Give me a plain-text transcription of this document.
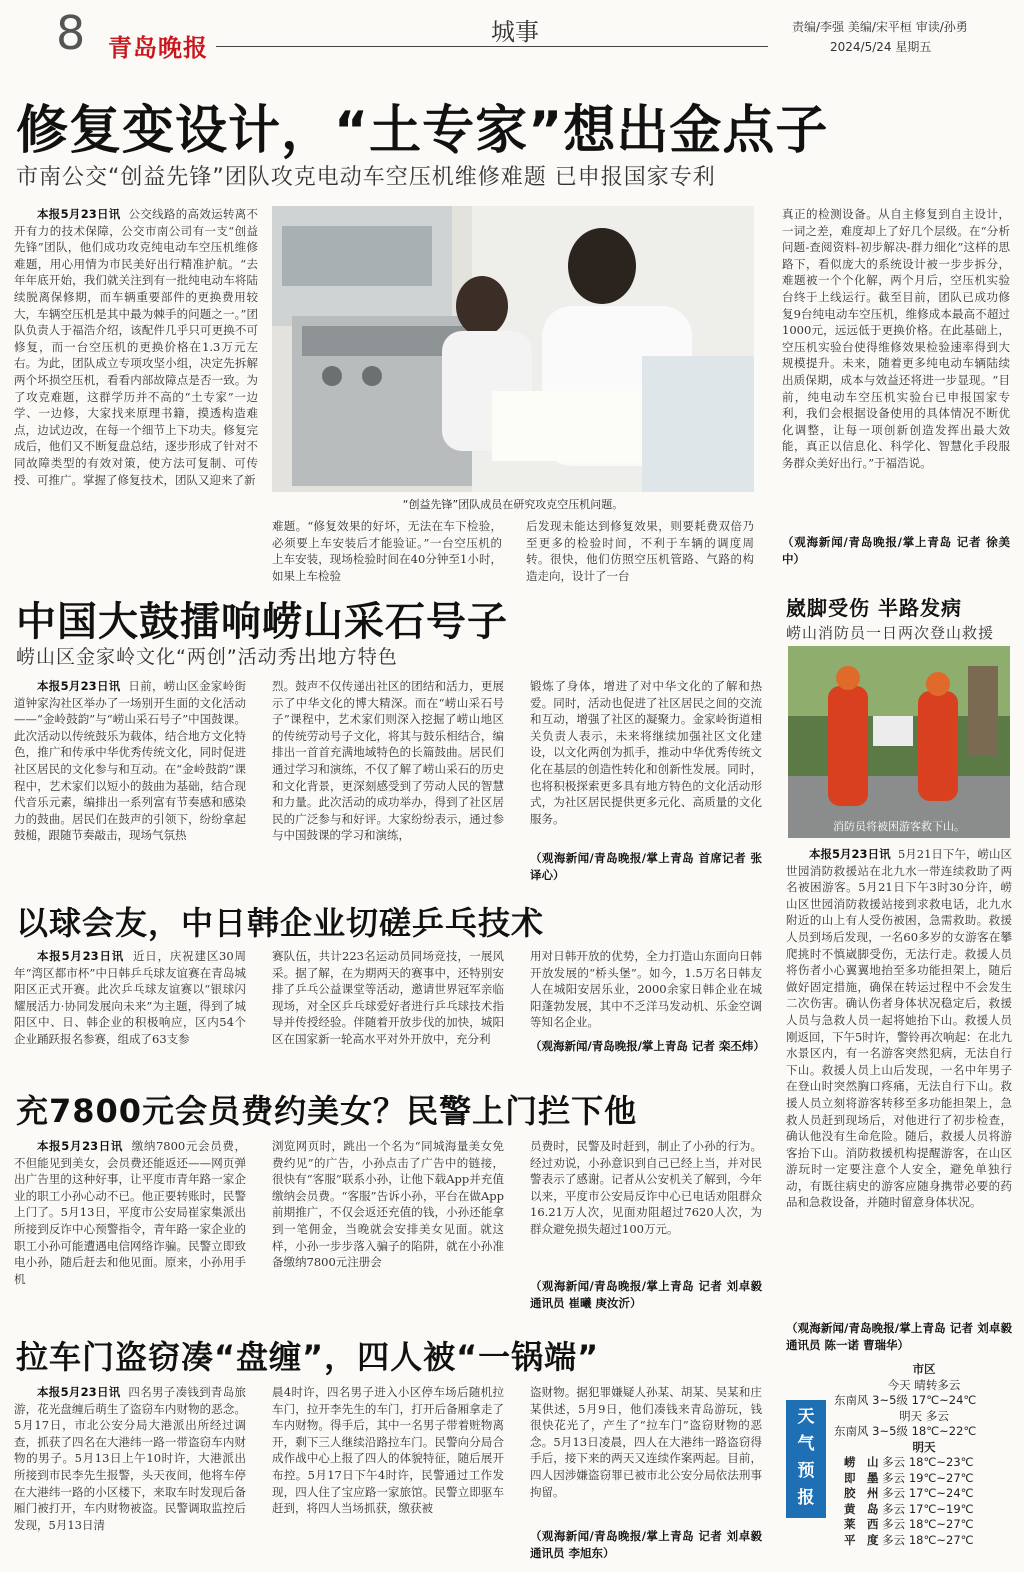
8 青岛晚报
城事	责编/李强 美编/宋平桓 审读/孙勇
2024/5/24 星期五
修复变设计，“土专家”想出金点子
市南公交“创益先锋”团队攻克电动车空压机维修难题 已申报国家专利

本报5月23日讯 公交线路的高效运转离不开有力的技术保障，公交市南公司有一支“创益先锋”团队，他们成功攻克纯电动车空压机维修难题，用心用情为市民美好出行精准护航。“去年年底开始，我们就关注到有一批纯电动车将陆续脱离保修期，而车辆重要部件的更换费用较大，车辆空压机是其中最为棘手的问题之一。”团队负责人于福浩介绍，该配件几乎只可更换不可修复，而一台空压机的更换价格在1.3万元左右。为此，团队成立专项攻坚小组，决定先拆解两个坏损空压机，看看内部故障点是否一致。为了攻克难题，这群学历并不高的“土专家”一边学、一边修，大家找来原理书籍，摸透构造难点，边试边改，在每一个细节上下功夫。修复完成后，他们又不断复盘总结，逐步形成了针对不同故障类型的有效对策，使方法可复制、可传授、可推广。掌握了修复技术，团队又迎来了新

“创益先锋”团队成员在研究攻克空压机问题。

难题。“修复效果的好坏，无法在车下检验，必须要上车安装后才能验证。”一台空压机的上车安装，现场检验时间在40分钟至1小时，如果上车检验

后发现未能达到修复效果，则要耗费双倍乃至更多的检验时间，不利于车辆的调度周转。很快，他们仿照空压机管路、气路的构造走向，设计了一台

真正的检测设备。从自主修复到自主设计，一词之差，难度却上了好几个层级。在“分析问题-查阅资料-初步解决-群力细化”这样的思路下，看似庞大的系统设计被一步步拆分，难题被一个个化解，两个月后，空压机实验台终于上线运行。截至目前，团队已成功修复9台纯电动车空压机，维修成本最高不超过1000元，远远低于更换价格。在此基础上，空压机实验台使得维修效果检验速率得到大规模提升。未来，随着更多纯电动车辆陆续出质保期，成本与效益还将进一步显现。“目前，纯电动车空压机实验台已申报国家专利，我们会根据设备使用的具体情况不断优化调整，让每一项创新创造发挥出最大效能，真正以信息化、科学化、智慧化手段服务群众美好出行。”于福浩说。

（观海新闻/青岛晚报/掌上青岛 记者 徐美中）
中国大鼓擂响崂山采石号子
崂山区金家岭文化“两创”活动秀出地方特色

本报5月23日讯 日前，崂山区金家岭街道钟家沟社区举办了一场别开生面的文化活动——“金岭鼓韵”与“崂山采石号子”中国鼓课。此次活动以传统鼓乐为载体，结合地方文化特色，推广和传承中华优秀传统文化，同时促进社区居民的文化参与和互动。在“金岭鼓韵”课程中，艺术家们以短小的鼓曲为基础，结合现代音乐元素，编排出一系列富有节奏感和感染力的鼓曲。居民们在鼓声的引领下，纷纷拿起鼓槌，跟随节奏敲击，现场气氛热

烈。鼓声不仅传递出社区的团结和活力，更展示了中华文化的博大精深。而在“崂山采石号子”课程中，艺术家们则深入挖掘了崂山地区的传统劳动号子文化，将其与鼓乐相结合，编排出一首首充满地域特色的长篇鼓曲。居民们通过学习和演练，不仅了解了崂山采石的历史和文化背景，更深刻感受到了劳动人民的智慧和力量。此次活动的成功举办，得到了社区居民的广泛参与和好评。大家纷纷表示，通过参与中国鼓课的学习和演练，

锻炼了身体，增进了对中华文化的了解和热爱。同时，活动也促进了社区居民之间的交流和互动，增强了社区的凝聚力。金家岭街道相关负责人表示，未来将继续加强社区文化建设，以文化两创为抓手，推动中华优秀传统文化在基层的创造性转化和创新性发展。同时，也将积极探索更多具有地方特色的文化活动形式，为社区居民提供更多元化、高质量的文化服务。

（观海新闻/青岛晚报/掌上青岛 首席记者 张译心）
崴脚受伤 半路发病
崂山消防员一日两次登山救援
消防员将被困游客救下山。

本报5月23日讯 5月21日下午，崂山区世园消防救援站在北九水一带连续救助了两名被困游客。5月21日下午3时30分许，崂山区世园消防救援站接到求救电话，北九水附近的山上有人受伤被困，急需救助。救援人员到场后发现，一名60多岁的女游客在攀爬挑时不慎崴脚受伤，无法行走。救援人员将伤者小心翼翼地抬至多功能担架上，随后做好固定措施，确保在转运过程中不会发生二次伤害。确认伤者身体状况稳定后，救援人员与急救人员一起将她抬下山。救援人员刚返回，下午5时许，警铃再次响起：在北九水景区内，有一名游客突然犯病，无法自行下山。救援人员上山后发现，一名中年男子在登山时突然胸口疼痛，无法自行下山。救援人员立刻将游客转移至多功能担架上，急救人员赶到现场后，对他进行了初步检查，确认他没有生命危险。随后，救援人员将游客抬下山。消防救援机构提醒游客，在山区游玩时一定要注意个人安全，避免单独行动，有既往病史的游客应随身携带必要的药品和急救设备，并随时留意身体状况。

（观海新闻/青岛晚报/掌上青岛 记者 刘卓毅 通讯员 陈一诺 曹瑞华）
以球会友，中日韩企业切磋乒乓技术

本报5月23日讯 近日，庆祝建区30周年“湾区都市杯”中日韩乒乓球友谊赛在青岛城阳区正式开赛。此次乒乓球友谊赛以“银球闪耀展活力·协同发展向未来”为主题，得到了城阳区中、日、韩企业的积极响应，区内54个企业踊跃报名参赛，组成了63支参

赛队伍，共计223名运动员同场竞技，一展风采。据了解，在为期两天的赛事中，还特别安排了乒乓公益课堂等活动，邀请世界冠军亲临现场，对全区乒乓球爱好者进行乒乓球技术指导并传授经验。伴随着开放步伐的加快，城阳区在国家新一轮高水平对外开放中，充分利

用对日韩开放的优势，全力打造山东面向日韩开放发展的“桥头堡”。如今，1.5万名日韩友人在城阳安居乐业，2000余家日韩企业在城阳蓬勃发展，其中不乏洋马发动机、乐金空调等知名企业。

（观海新闻/青岛晚报/掌上青岛 记者 栾丕炜）
充7800元会员费约美女？民警上门拦下他

本报5月23日讯 缴纳7800元会员费，不但能见到美女，会员费还能返还——网页弹出广告里的这种好事，让平度市青年路一家企业的职工小孙心动不已。他正要转账时，民警上门了。5月13日，平度市公安局崔家集派出所接到反诈中心预警指令，青年路一家企业的职工小孙可能遭遇电信网络诈骗。民警立即致电小孙，随后赶去和他见面。原来，小孙用手机

浏览网页时，跳出一个名为“同城海量美女免费约见”的广告，小孙点击了广告中的链接，很快有“客服”联系小孙，让他下载App并充值缴纳会员费。“客服”告诉小孙，平台在做App前期推广，不仅会返还充值的钱，小孙还能拿到一笔佣金，当晚就会安排美女见面。就这样，小孙一步步落入骗子的陷阱，就在小孙准备缴纳7800元注册会

员费时，民警及时赶到，制止了小孙的行为。经过劝说，小孙意识到自己已经上当，并对民警表示了感谢。记者从公安机关了解到，今年以来，平度市公安局反诈中心已电话劝阻群众16.21万人次，见面劝阻超过7620人次，为群众避免损失超过100万元。

（观海新闻/青岛晚报/掌上青岛 记者 刘卓毅 通讯员 崔曦 庚汝沂）
拉车门盗窃凑“盘缠”，四人被“一锅端”

本报5月23日讯 四名男子凑钱到青岛旅游，花光盘缠后萌生了盗窃车内财物的恶念。5月17日，市北公安分局大港派出所经过调查，抓获了四名在大港纬一路一带盗窃车内财物的男子。5月13日上午10时许，大港派出所接到市民李先生报警，头天夜间，他将车停在大港纬一路的小区楼下，来取车时发现后备厢门被打开，车内财物被盗。民警调取监控后发现，5月13日清

晨4时许，四名男子进入小区停车场后随机拉车门，拉开李先生的车门，打开后备厢拿走了车内财物。得手后，其中一名男子带着赃物离开，剩下三人继续沿路拉车门。民警向分局合成作战中心上报了四人的体貌特征，随后展开布控。5月17日下午4时许，民警通过工作发现，四人住了宝应路一家旅馆。民警立即驱车赶到，将四人当场抓获，缴获被

盗财物。据犯罪嫌疑人孙某、胡某、吴某和庄某供述，5月9日，他们凑钱来青岛游玩，钱很快花光了，产生了“拉车门”盗窃财物的恶念。5月13日凌晨，四人在大港纬一路盗窃得手后，接下来的两天又连续作案两起。目前，四人因涉嫌盗窃罪已被市北公安分局依法刑事拘留。

（观海新闻/青岛晚报/掌上青岛 记者 刘卓毅 通讯员 李旭东）
天气预报
市区
今天 晴转多云
东南风 3~5级 17℃~24℃
明天 多云
东南风 3~5级 18℃~22℃
明天
崂　山 多云 18℃~23℃
即　墨 多云 19℃~27℃
胶　州 多云 17℃~24℃
黄　岛 多云 17℃~19℃
莱　西 多云 18℃~27℃
平　度 多云 18℃~27℃
